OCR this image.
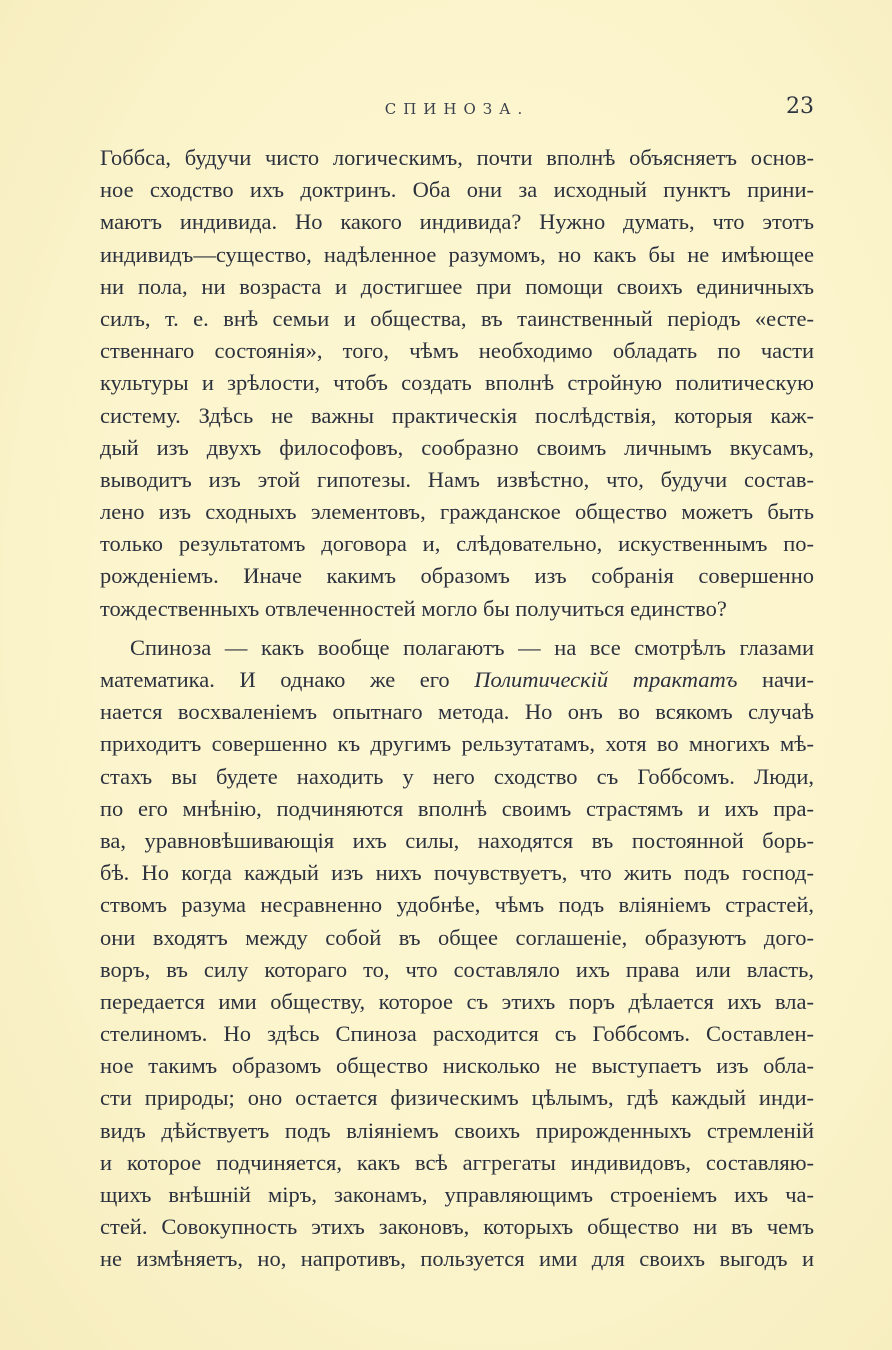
СПИНОЗА.	23
Гоббса, будучи чисто логическимъ, почти вполнѣ объясняетъ основ-
ное сходство ихъ доктринъ. Оба они за исходный пунктъ прини-
маютъ индивида. Но какого индивида? Нужно думать, что этотъ
индивидъ—существо, надѣленное разумомъ, но какъ бы не имѣющее
ни пола, ни возраста и достигшее при помощи своихъ единичныхъ
силъ, т. е. внѣ семьи и общества, въ таинственный періодъ «есте-
ственнаго состоянія», того, чѣмъ необходимо обладать по части
культуры и зрѣлости, чтобъ создать вполнѣ стройную политическую
систему. Здѣсь не важны практическія послѣдствія, которыя каж-
дый изъ двухъ философовъ, сообразно своимъ личнымъ вкусамъ,
выводитъ изъ этой гипотезы. Намъ извѣстно, что, будучи состав-
лено изъ сходныхъ элементовъ, гражданское общество можетъ быть
только результатомъ договора и, слѣдовательно, искуственнымъ по-
рожденіемъ. Иначе какимъ образомъ изъ собранія совершенно
тождественныхъ отвлеченностей могло бы получиться единство?
Спиноза — какъ вообще полагаютъ — на все смотрѣлъ глазами
математика. И однако же его Политическій трактатъ начи-
нается восхваленіемъ опытнаго метода. Но онъ во всякомъ случаѣ
приходитъ совершенно къ другимъ рельзутатамъ, хотя во многихъ мѣ-
стахъ вы будете находить у него сходство съ Гоббсомъ. Люди,
по его мнѣнію, подчиняются вполнѣ своимъ страстямъ и ихъ пра-
ва, уравновѣшивающія ихъ силы, находятся въ постоянной борь-
бѣ. Но когда каждый изъ нихъ почувствуетъ, что жить подъ господ-
ствомъ разума несравненно удобнѣе, чѣмъ подъ вліяніемъ страстей,
они входятъ между собой въ общее соглашеніе, образуютъ дого-
воръ, въ силу котораго то, что составляло ихъ права или власть,
передается ими обществу, которое съ этихъ поръ дѣлается ихъ вла-
стелиномъ. Но здѣсь Спиноза расходится съ Гоббсомъ. Составлен-
ное такимъ образомъ общество нисколько не выступаетъ изъ обла-
сти природы; оно остается физическимъ цѣлымъ, гдѣ каждый инди-
видъ дѣйствуетъ подъ вліяніемъ своихъ прирожденныхъ стремленій
и которое подчиняется, какъ всѣ аггрегаты индивидовъ, составляю-
щихъ внѣшній міръ, законамъ, управляющимъ строеніемъ ихъ ча-
стей. Совокупность этихъ законовъ, которыхъ общество ни въ чемъ
не измѣняетъ, но, напротивъ, пользуется ими для своихъ выгодъ и
